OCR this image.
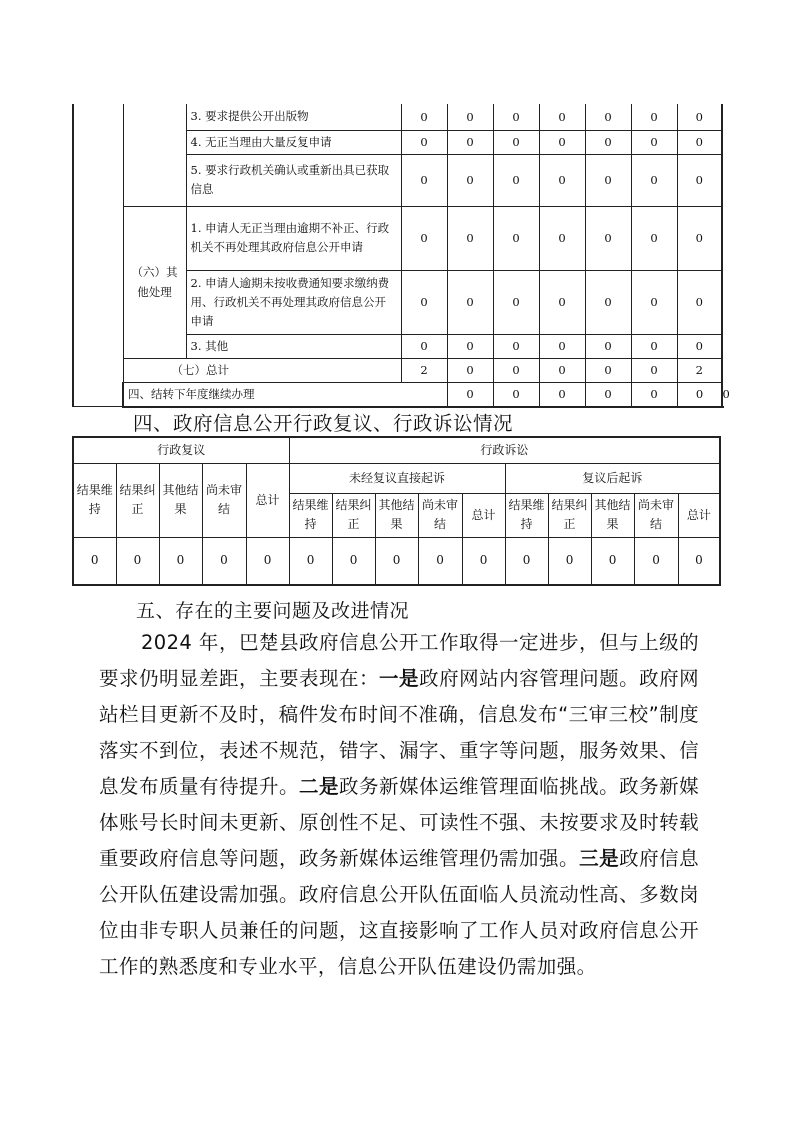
		3. 要求提供公开出版物	0	0	0	0	0	0	0	
		4. 无正当理由大量反复申请	0	0	0	0	0	0	0	
		5. 要求行政机关确认或重新出具已获取信息	0	0	0	0	0	0	0	
	（六）其他处理	1. 申请人无正当理由逾期不补正、行政机关不再处理其政府信息公开申请	0	0	0	0	0	0	0	
		2. 申请人逾期未按收费通知要求缴纳费用、行政机关不再处理其政府信息公开申请	0	0	0	0	0	0	0	
		3. 其他	0	0	0	0	0	0	0	
	（七）总计		2	0	0	0	0	0	2	
	四、结转下年度继续办理			0	0	0	0	0	0	0
四、政府信息公开行政复议、行政诉讼情况
行政复议					行政诉讼									
结果维持	结果纠正	其他结果	尚未审结	总计	未经复议直接起诉					复议后起诉				
					结果维持	结果纠正	其他结果	尚未审结	总计	结果维持	结果纠正	其他结果	尚未审结	总计
0	0	0	0	0	0	0	0	0	0	0	0	0	0	0
五、存在的主要问题及改进情况
2024 年，巴楚县政府信息公开工作取得一定进步，但与上级的要求仍明显差距，主要表现在：一是政府网站内容管理问题。政府网站栏目更新不及时，稿件发布时间不准确，信息发布“三审三校”制度落实不到位，表述不规范，错字、漏字、重字等问题，服务效果、信息发布质量有待提升。二是政务新媒体运维管理面临挑战。政务新媒体账号长时间未更新、原创性不足、可读性不强、未按要求及时转载重要政府信息等问题，政务新媒体运维管理仍需加强。三是政府信息公开队伍建设需加强。政府信息公开队伍面临人员流动性高、多数岗位由非专职人员兼任的问题，这直接影响了工作人员对政府信息公开工作的熟悉度和专业水平，信息公开队伍建设仍需加强。
